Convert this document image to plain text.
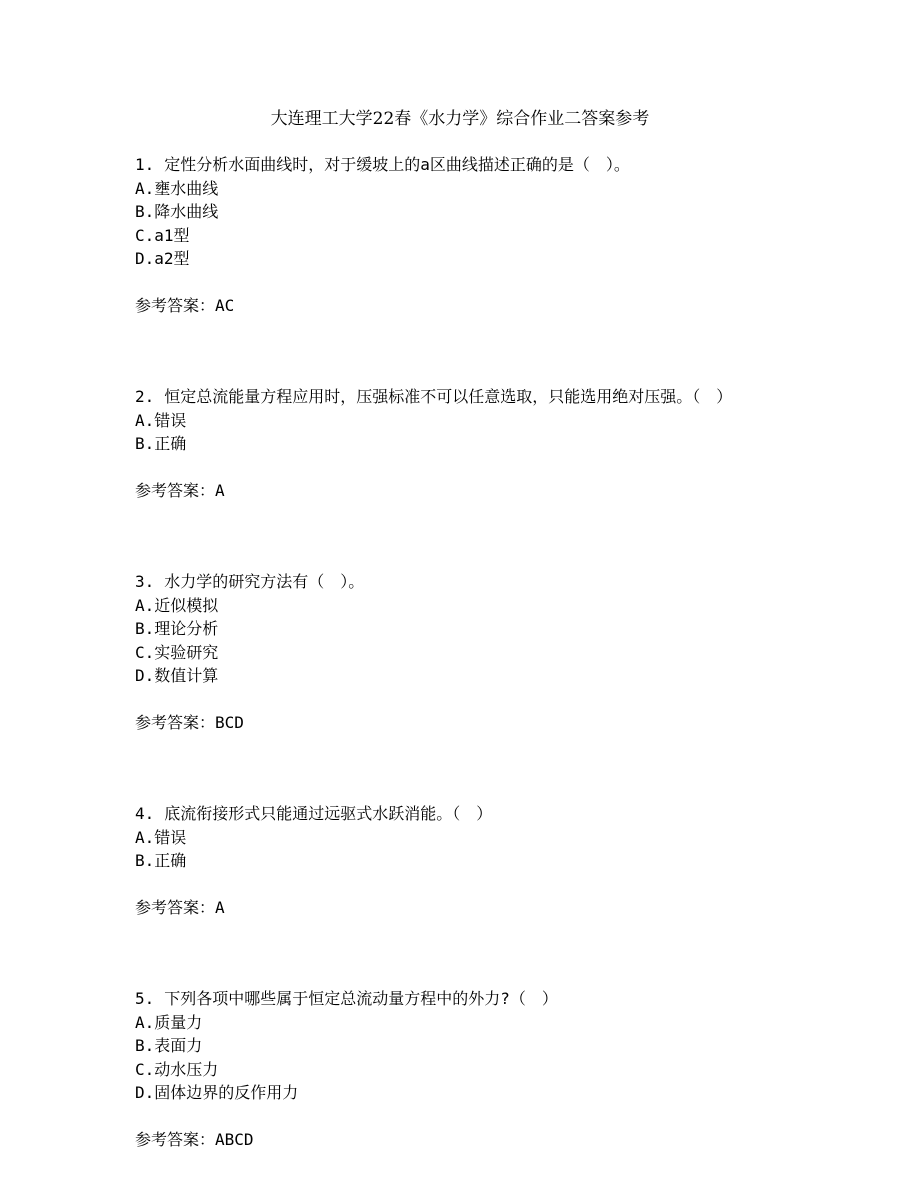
大连理工大学22春《水力学》综合作业二答案参考
1. 定性分析水面曲线时，对于缓坡上的a区曲线描述正确的是（　）。
A.壅水曲线
B.降水曲线
C.a1型
D.a2型
参考答案：AC
2. 恒定总流能量方程应用时，压强标准不可以任意选取，只能选用绝对压强。（　）
A.错误
B.正确
参考答案：A
3. 水力学的研究方法有（　）。
A.近似模拟
B.理论分析
C.实验研究
D.数值计算
参考答案：BCD
4. 底流衔接形式只能通过远驱式水跃消能。（　）
A.错误
B.正确
参考答案：A
5. 下列各项中哪些属于恒定总流动量方程中的外力?（　）
A.质量力
B.表面力
C.动水压力
D.固体边界的反作用力
参考答案：ABCD
